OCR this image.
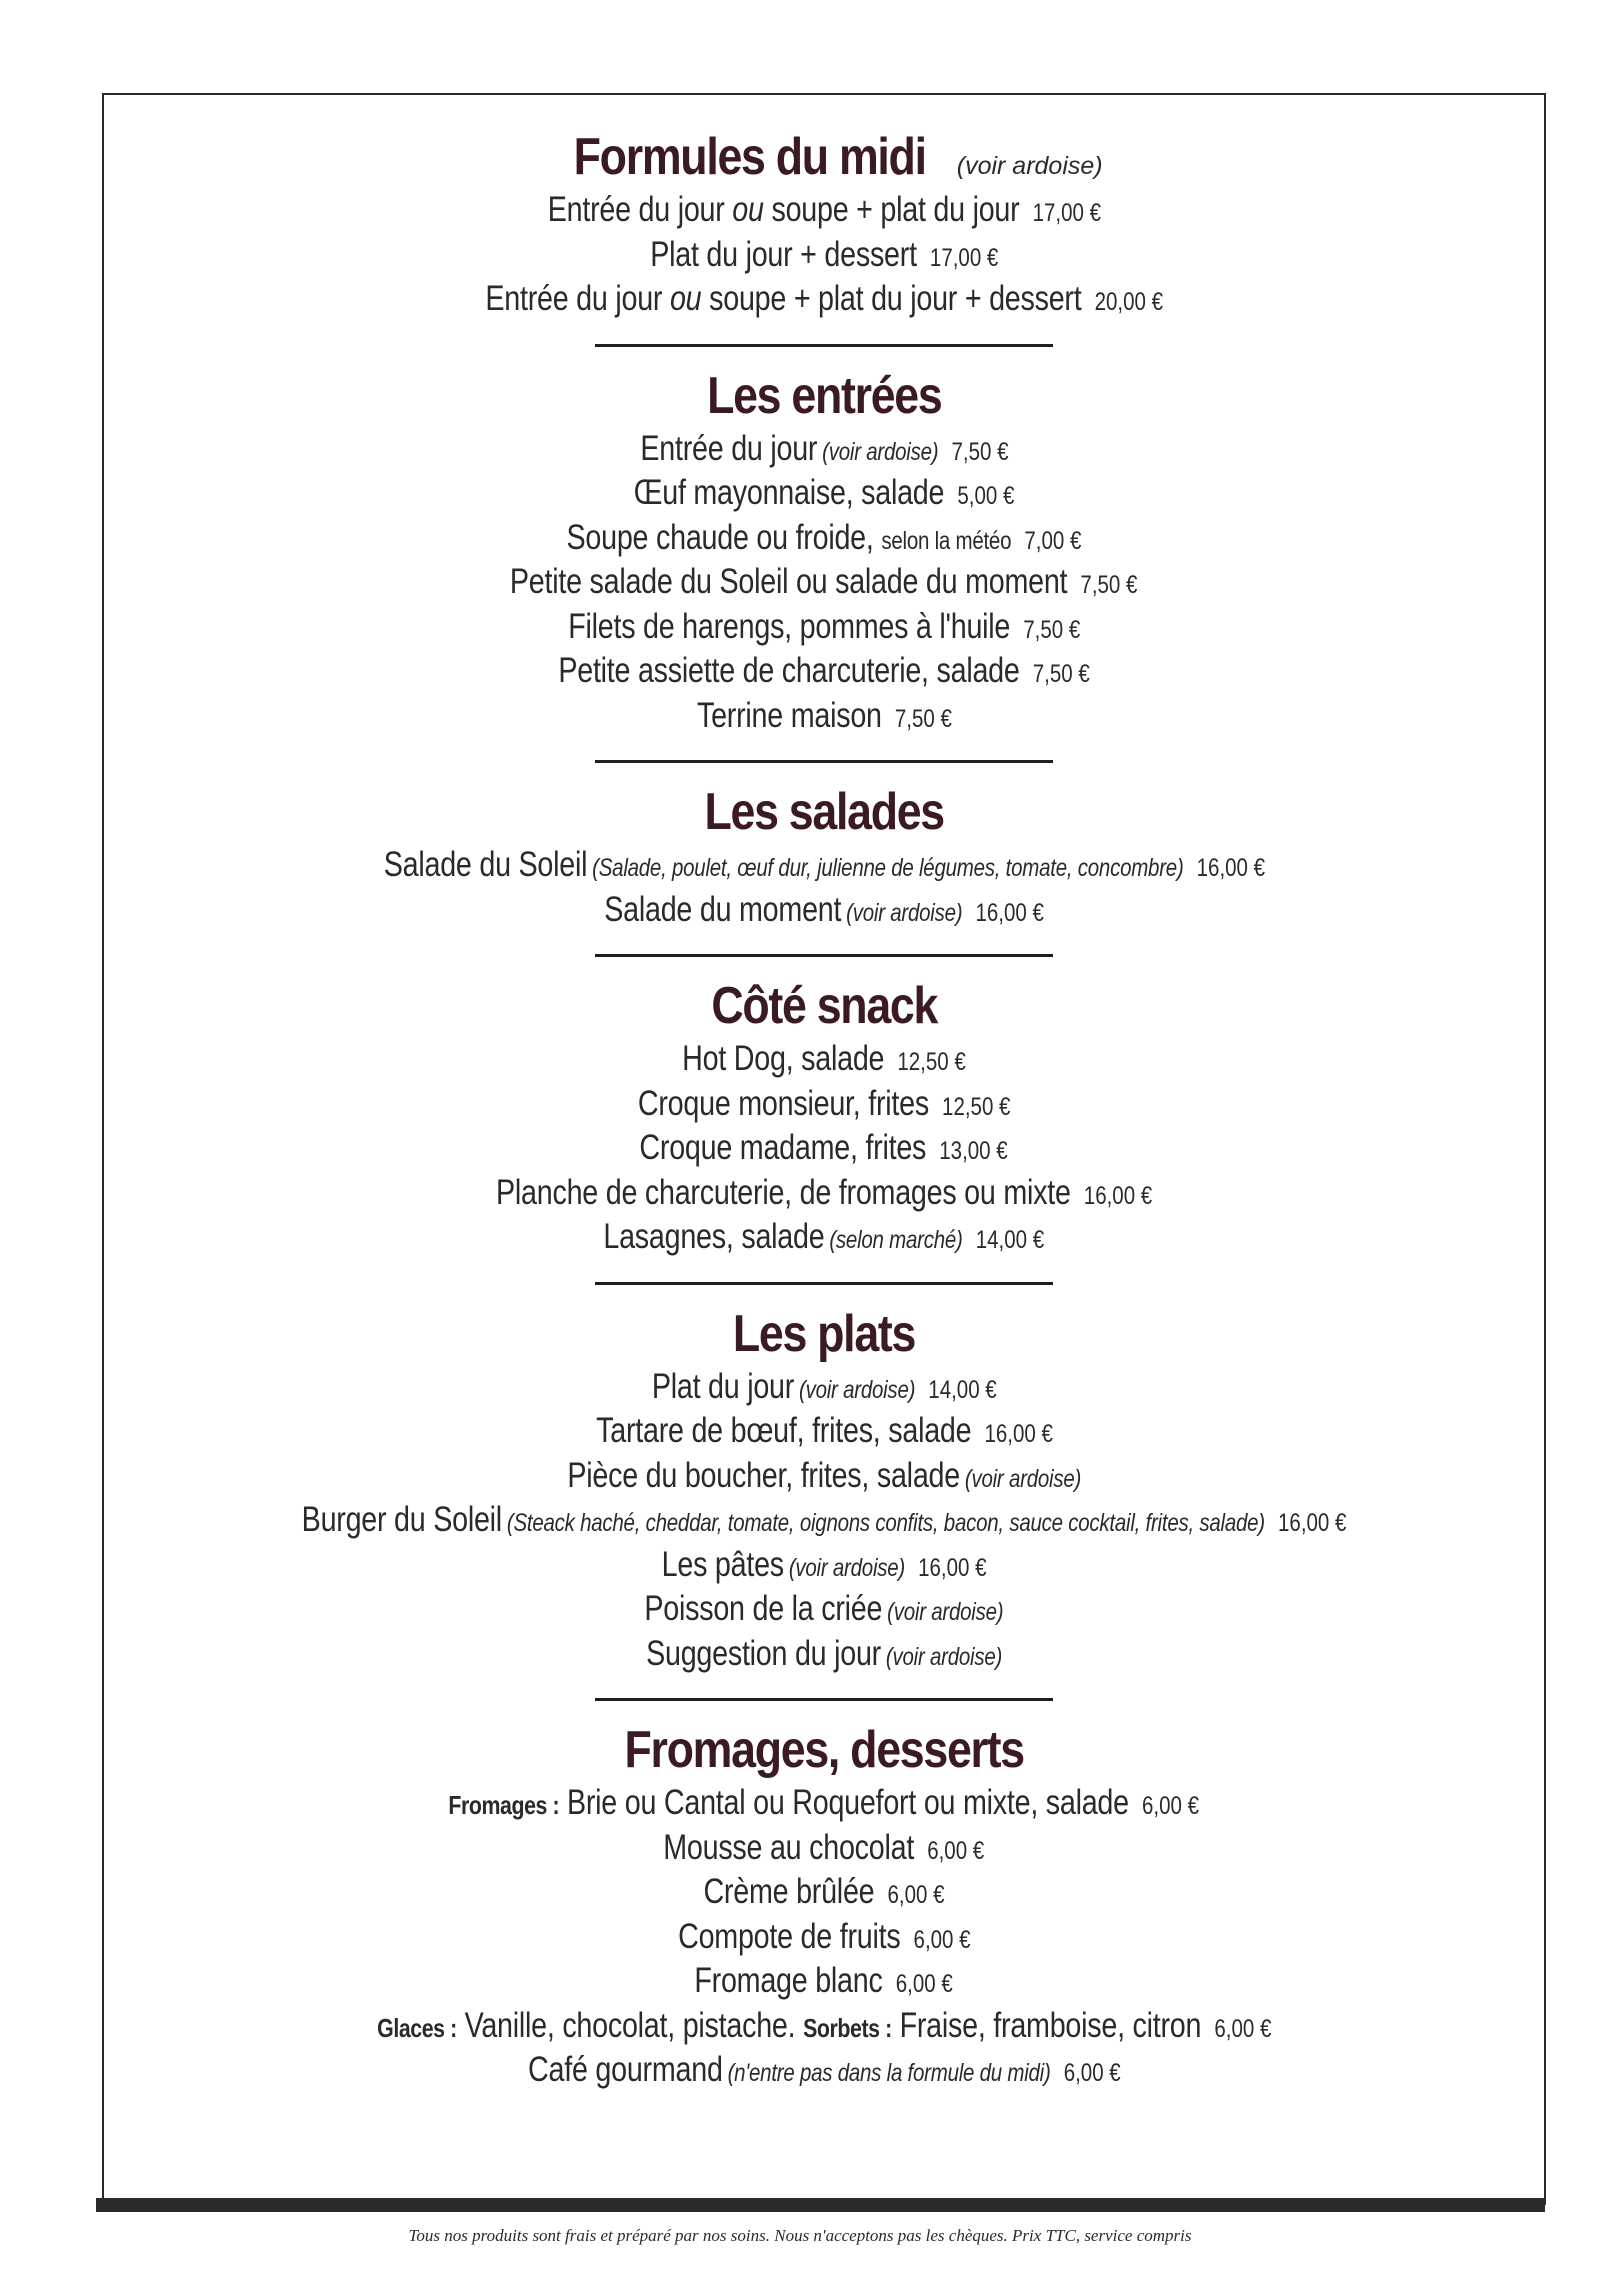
Formules du midi (voir ardoise)
Entrée du jour ou soupe + plat du jour 17,00 €
Plat du jour + dessert 17,00 €
Entrée du jour ou soupe + plat du jour + dessert 20,00 €
Les entrées
Entrée du jour (voir ardoise) 7,50 €
Œuf mayonnaise, salade 5,00 €
Soupe chaude ou froide, selon la météo 7,00 €
Petite salade du Soleil ou salade du moment 7,50 €
Filets de harengs, pommes à l'huile 7,50 €
Petite assiette de charcuterie, salade 7,50 €
Terrine maison 7,50 €
Les salades
Salade du Soleil (Salade, poulet, œuf dur, julienne de légumes, tomate, concombre) 16,00 €
Salade du moment (voir ardoise) 16,00 €
Côté snack
Hot Dog, salade 12,50 €
Croque monsieur, frites 12,50 €
Croque madame, frites 13,00 €
Planche de charcuterie, de fromages ou mixte 16,00 €
Lasagnes, salade (selon marché) 14,00 €
Les plats
Plat du jour (voir ardoise) 14,00 €
Tartare de bœuf, frites, salade 16,00 €
Pièce du boucher, frites, salade (voir ardoise)
Burger du Soleil (Steack haché, cheddar, tomate, oignons confits, bacon, sauce cocktail, frites, salade) 16,00 €
Les pâtes (voir ardoise) 16,00 €
Poisson de la criée (voir ardoise)
Suggestion du jour (voir ardoise)
Fromages, desserts
Fromages : Brie ou Cantal ou Roquefort ou mixte, salade 6,00 €
Mousse au chocolat 6,00 €
Crème brûlée 6,00 €
Compote de fruits 6,00 €
Fromage blanc 6,00 €
Glaces : Vanille, chocolat, pistache. Sorbets : Fraise, framboise, citron 6,00 €
Café gourmand (n'entre pas dans la formule du midi) 6,00 €
Tous nos produits sont frais et préparé par nos soins. Nous n'acceptons pas les chèques. Prix TTC, service compris
